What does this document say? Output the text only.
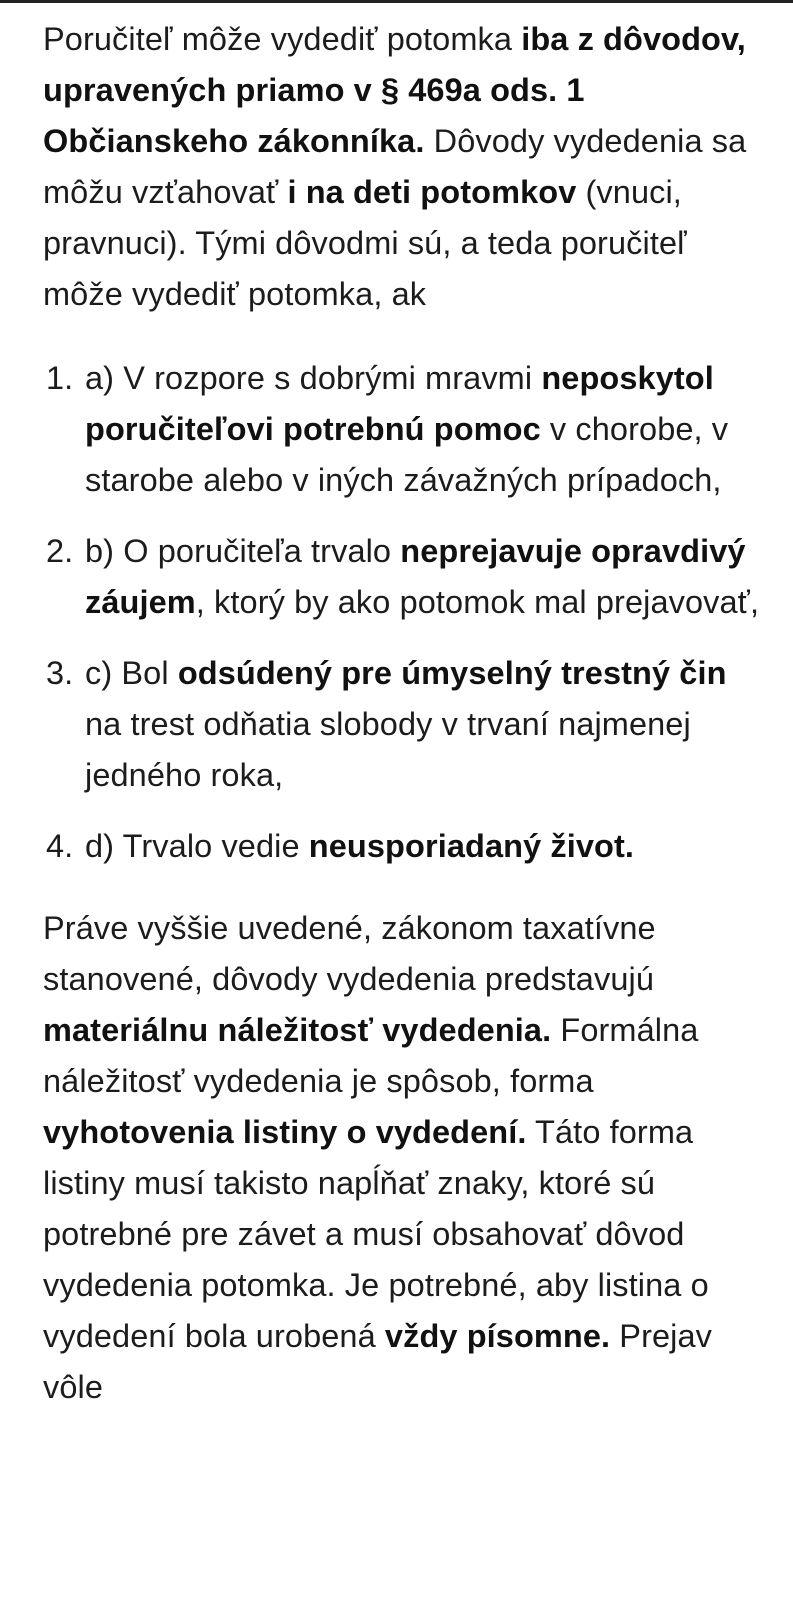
Poručiteľ môže vydediť potomka iba z dôvodov, upravených priamo v § 469a ods. 1 Občianskeho zákonníka. Dôvody vydedenia sa môžu vzťahovať i na deti potomkov (vnuci, pravnuci). Tými dôvodmi sú, a teda poručiteľ môže vydediť potomka, ak

1. a) V rozpore s dobrými mravmi neposkytol poručiteľovi potrebnú pomoc v chorobe, v starobe alebo v iných závažných prípadoch,
2. b) O poručiteľa trvalo neprejavuje opravdivý záujem, ktorý by ako potomok mal prejavovať,
3. c) Bol odsúdený pre úmyselný trestný čin na trest odňatia slobody v trvaní najmenej jedného roka,
4. d) Trvalo vedie neusporiadaný život.

Práve vyššie uvedené, zákonom taxatívne stanovené, dôvody vydedenia predstavujú materiálnu náležitosť vydedenia. Formálna náležitosť vydedenia je spôsob, forma vyhotovenia listiny o vydedení. Táto forma listiny musí takisto napĺňať znaky, ktoré sú potrebné pre závet a musí obsahovať dôvod vydedenia potomka. Je potrebné, aby listina o vydedení bola urobená vždy písomne. Prejav vôle
